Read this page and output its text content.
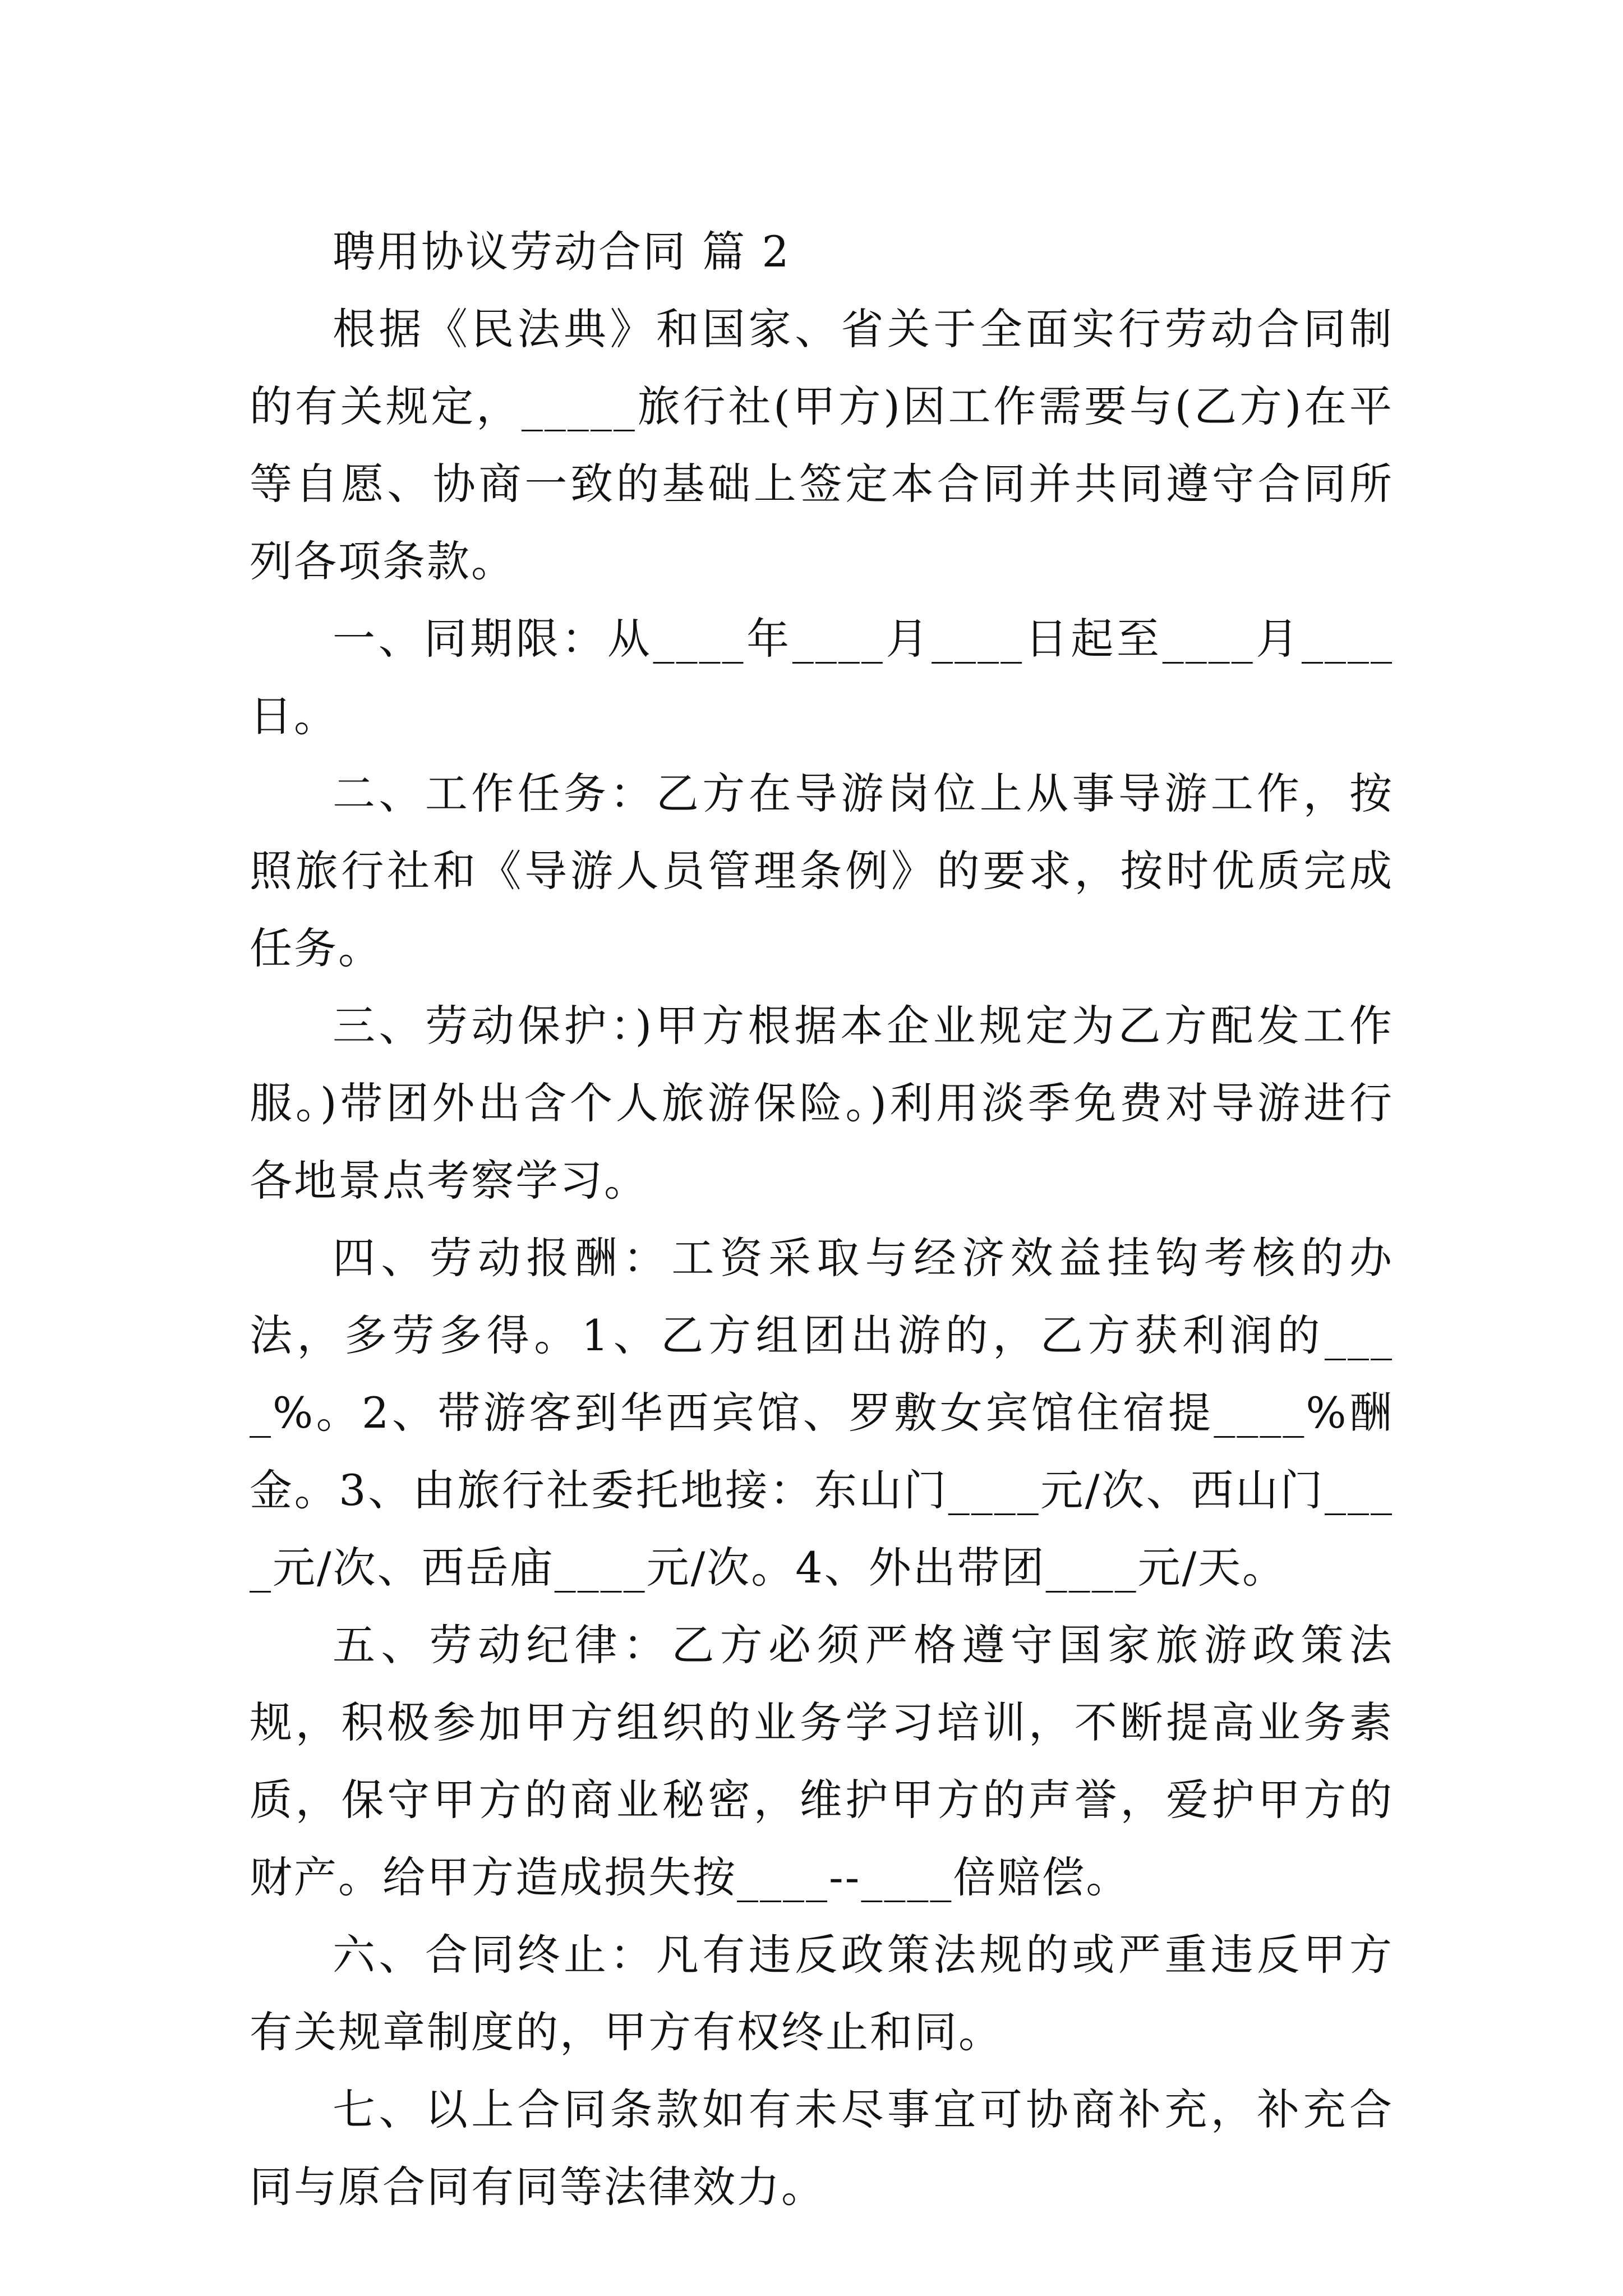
聘用协议劳动合同 篇 2

根据《民法典》和国家、省关于全面实行劳动合同制的有关规定，_____旅行社(甲方)因工作需要与(乙方)在平等自愿、协商一致的基础上签定本合同并共同遵守合同所列各项条款。

一、同期限：从____年____月____日起至____月____日。

二、工作任务：乙方在导游岗位上从事导游工作，按照旅行社和《导游人员管理条例》的要求，按时优质完成任务。

三、劳动保护：)甲方根据本企业规定为乙方配发工作服。)带团外出含个人旅游保险。)利用淡季免费对导游进行各地景点考察学习。

四、劳动报酬：工资采取与经济效益挂钩考核的办法，多劳多得。1、乙方组团出游的，乙方获利润的____%。2、带游客到华西宾馆、罗敷女宾馆住宿提____%酬金。3、由旅行社委托地接：东山门____元/次、西山门____元/次、西岳庙____元/次。4、外出带团____元/天。

五、劳动纪律：乙方必须严格遵守国家旅游政策法规，积极参加甲方组织的业务学习培训，不断提高业务素质，保守甲方的商业秘密，维护甲方的声誉，爱护甲方的财产。给甲方造成损失按____--____倍赔偿。

六、合同终止：凡有违反政策法规的或严重违反甲方有关规章制度的，甲方有权终止和同。

七、以上合同条款如有未尽事宜可协商补充，补充合同与原合同有同等法律效力。
